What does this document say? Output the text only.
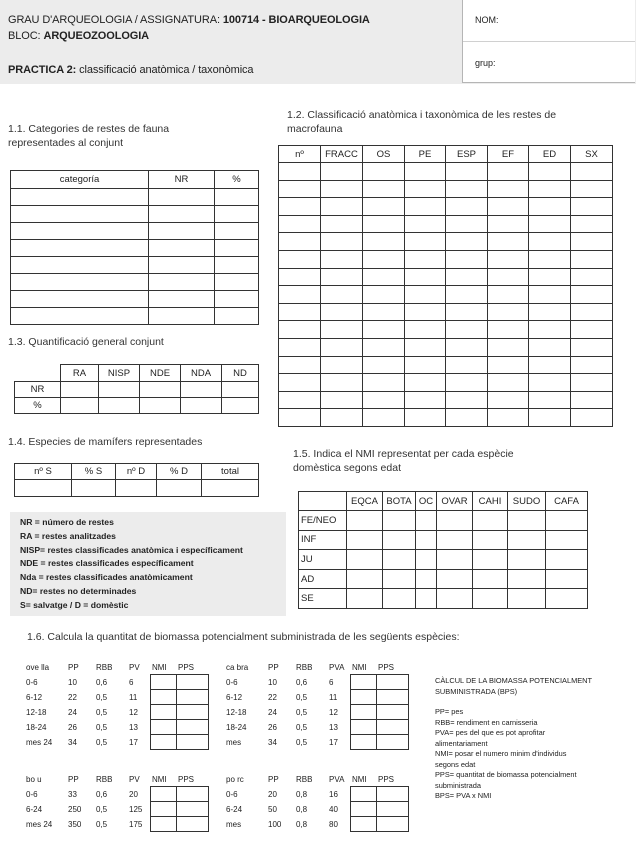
GRAU D'ARQUEOLOGIA / ASSIGNATURA: 100714 - BIOARQUEOLOGIA
BLOC: ARQUEOZOOLOGIA
PRACTICA 2: classificació anatòmica / taxonòmica
NOM:
grup:
1.1. Categories de restes de fauna
representades al conjunt
categoría	NR	%

1.2. Classificació anatòmica i taxonòmica de les restes de
macrofauna
nº	FRACC	OS	PE	ESP	EF	ED	SX

1.3. Quantificació general conjunt
	RA	NISP	NDE	NDA	ND
NR					
%					
1.4. Especies de mamífers representades
nº S	% S	nº D	% D	total

1.5. Indica el NMI representat per cada espècie
domèstica segons edat
	EQCA	BOTA	OC	OVAR	CAHI	SUDO	CAFA
FE/NEO							
INF							
JU							
AD							
SE							
NR = número de restes
RA = restes analitzades
NISP= restes classificades anatòmica i específicament
NDE = restes classificades específicament
Nda = restes classificades anatòmicament
ND= restes no determinades
S= salvatge / D = domèstic
1.6. Calcula la quantitat de biomassa potencialment subministrada de les següents espècies:
ove lla	PP	RBB	PV	NMI	PPS
0-6	10	0,6	6		
6-12	22	0,5	11		
12-18	24	0,5	12		
18-24	26	0,5	13		
mes 24	34	0,5	17		
ca bra	PP	RBB	PVA	NMI	PPS
0-6	10	0,6	6		
6-12	22	0,5	11		
12-18	24	0,5	12		
18-24	26	0,5	13		
mes	34	0,5	17		
bo u	PP	RBB	PV	NMI	PPS
0-6	33	0,6	20		
6-24	250	0,5	125		
mes 24	350	0,5	175		
po rc	PP	RBB	PVA	NMI	PPS
0-6	20	0,8	16		
6-24	50	0,8	40		
mes	100	0,8	80		
CÀLCUL DE LA BIOMASSA POTENCIALMENT
SUBMINISTRADA (BPS)
PP= pes
RBB= rendiment en carnisseria
PVA= pes del que es pot aprofitar
alimentariament
NMI= posar el numero minim d'individus
segons edat
PPS= quantitat de biomassa potencialment
subministrada
BPS= PVA x NMI
